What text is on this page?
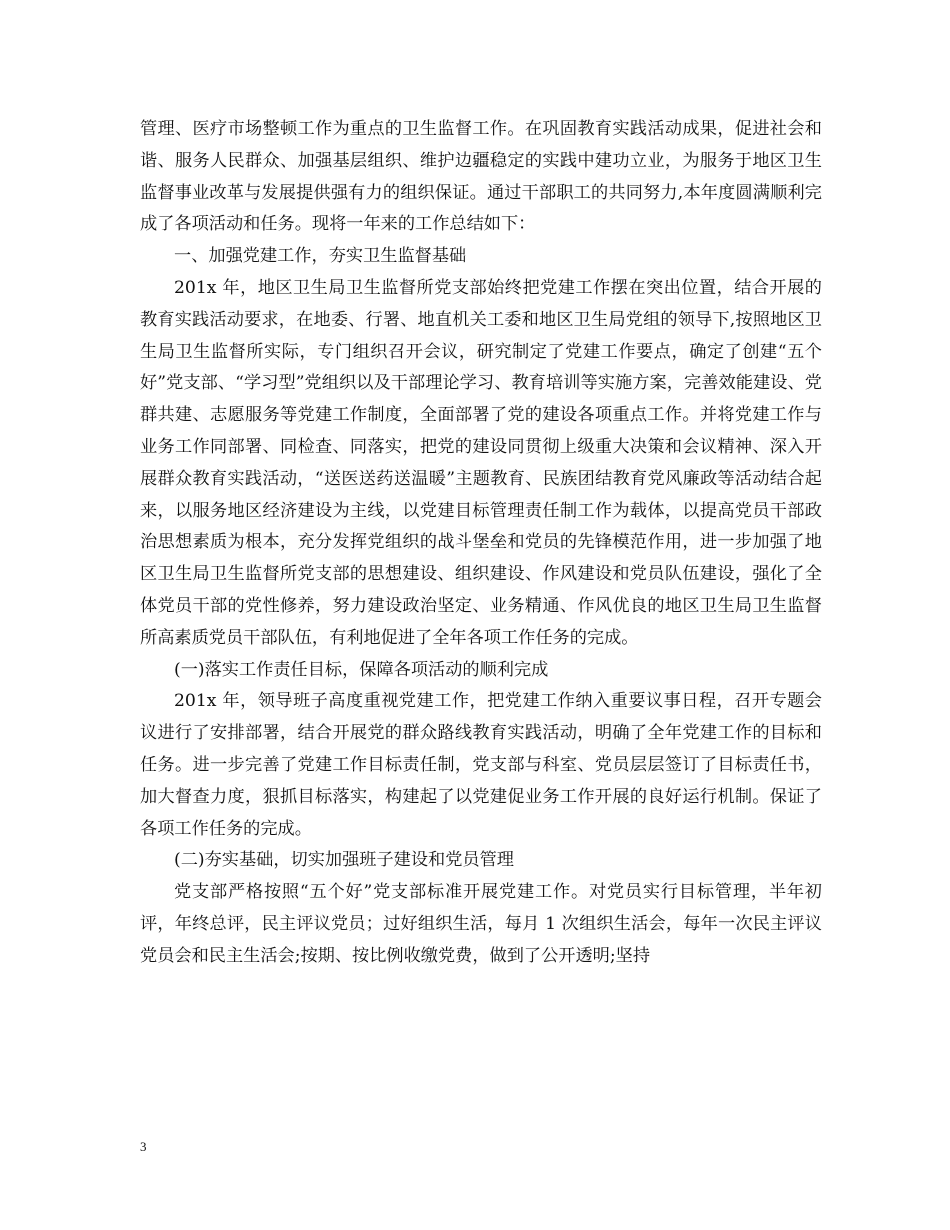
管理、医疗市场整顿工作为重点的卫生监督工作。在巩固教育实践活动成果，促进社会和谐、服务人民群众、加强基层组织、维护边疆稳定的实践中建功立业，为服务于地区卫生监督事业改革与发展提供强有力的组织保证。通过干部职工的共同努力,本年度圆满顺利完成了各项活动和任务。现将一年来的工作总结如下：

一、加强党建工作，夯实卫生监督基础

201x 年，地区卫生局卫生监督所党支部始终把党建工作摆在突出位置，结合开展的教育实践活动要求，在地委、行署、地直机关工委和地区卫生局党组的领导下,按照地区卫生局卫生监督所实际，专门组织召开会议，研究制定了党建工作要点，确定了创建“五个好”党支部、“学习型”党组织以及干部理论学习、教育培训等实施方案，完善效能建设、党群共建、志愿服务等党建工作制度，全面部署了党的建设各项重点工作。并将党建工作与业务工作同部署、同检查、同落实，把党的建设同贯彻上级重大决策和会议精神、深入开展群众教育实践活动，“送医送药送温暖”主题教育、民族团结教育党风廉政等活动结合起来，以服务地区经济建设为主线，以党建目标管理责任制工作为载体，以提高党员干部政治思想素质为根本，充分发挥党组织的战斗堡垒和党员的先锋模范作用，进一步加强了地区卫生局卫生监督所党支部的思想建设、组织建设、作风建设和党员队伍建设，强化了全体党员干部的党性修养，努力建设政治坚定、业务精通、作风优良的地区卫生局卫生监督所高素质党员干部队伍，有利地促进了全年各项工作任务的完成。

(一)落实工作责任目标，保障各项活动的顺利完成

201x 年，领导班子高度重视党建工作，把党建工作纳入重要议事日程，召开专题会议进行了安排部署，结合开展党的群众路线教育实践活动，明确了全年党建工作的目标和任务。进一步完善了党建工作目标责任制，党支部与科室、党员层层签订了目标责任书，加大督查力度，狠抓目标落实，构建起了以党建促业务工作开展的良好运行机制。保证了各项工作任务的完成。

(二)夯实基础，切实加强班子建设和党员管理

党支部严格按照“五个好”党支部标准开展党建工作。对党员实行目标管理，半年初评，年终总评，民主评议党员；过好组织生活，每月 1 次组织生活会，每年一次民主评议党员会和民主生活会;按期、按比例收缴党费，做到了公开透明;坚持

3
